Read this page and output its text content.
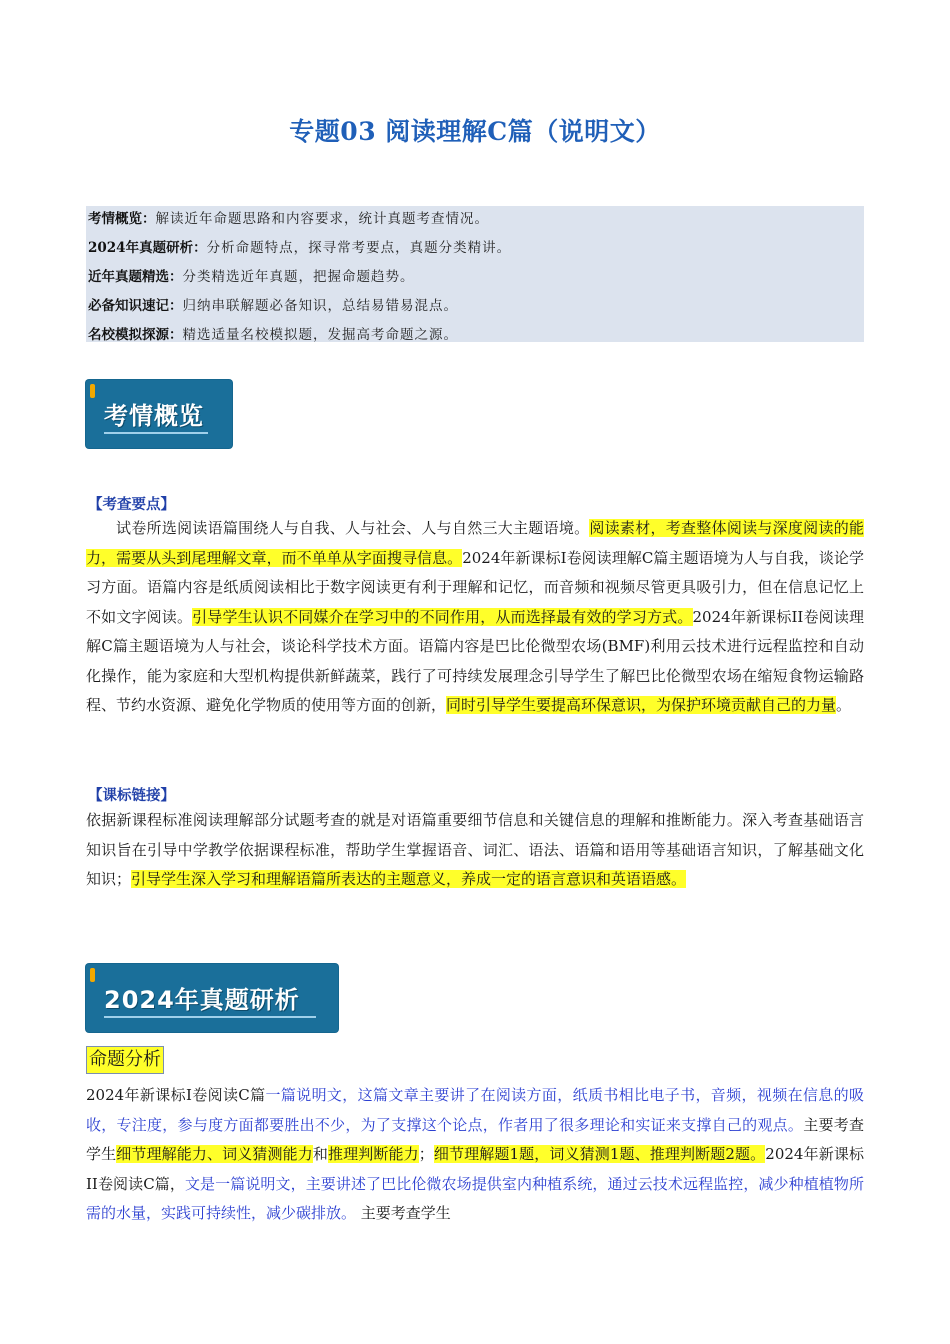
专题03 阅读理解C篇（说明文）
考情概览：解读近年命题思路和内容要求，统计真题考查情况。
2024年真题研析：分析命题特点，探寻常考要点，真题分类精讲。
近年真题精选：分类精选近年真题，把握命题趋势。
必备知识速记：归纳串联解题必备知识，总结易错易混点。
名校模拟探源：精选适量名校模拟题，发掘高考命题之源。
考情概览
【考查要点】
试卷所选阅读语篇围绕人与自我、人与社会、人与自然三大主题语境。阅读素材，考查整体阅读与深度阅读的能力，需要从头到尾理解文章，而不单单从字面搜寻信息。2024年新课标I卷阅读理解C篇主题语境为人与自我，谈论学习方面。语篇内容是纸质阅读相比于数字阅读更有利于理解和记忆，而音频和视频尽管更具吸引力，但在信息记忆上不如文字阅读。引导学生认识不同媒介在学习中的不同作用，从而选择最有效的学习方式。2024年新课标II卷阅读理解C篇主题语境为人与社会，谈论科学技术方面。语篇内容是巴比伦微型农场(BMF)利用云技术进行远程监控和自动化操作，能为家庭和大型机构提供新鲜蔬菜，践行了可持续发展理念引导学生了解巴比伦微型农场在缩短食物运输路程、节约水资源、避免化学物质的使用等方面的创新，同时引导学生要提高环保意识，为保护环境贡献自己的力量。
【课标链接】
依据新课程标准阅读理解部分试题考查的就是对语篇重要细节信息和关键信息的理解和推断能力。深入考查基础语言知识旨在引导中学教学依据课程标准，帮助学生掌握语音、词汇、语法、语篇和语用等基础语言知识，了解基础文化知识；引导学生深入学习和理解语篇所表达的主题意义，养成一定的语言意识和英语语感。
2024年真题研析
命题分析
2024年新课标I卷阅读C篇一篇说明文，这篇文章主要讲了在阅读方面，纸质书相比电子书，音频，视频在信息的吸收，专注度，参与度方面都要胜出不少，为了支撑这个论点，作者用了很多理论和实证来支撑自己的观点。主要考查学生细节理解能力、词义猜测能力和推理判断能力；细节理解题1题，词义猜测1题、推理判断题2题。2024年新课标II卷阅读C篇，文是一篇说明文，主要讲述了巴比伦微农场提供室内种植系统，通过云技术远程监控，减少种植植物所需的水量，实践可持续性，减少碳排放。 主要考查学生
